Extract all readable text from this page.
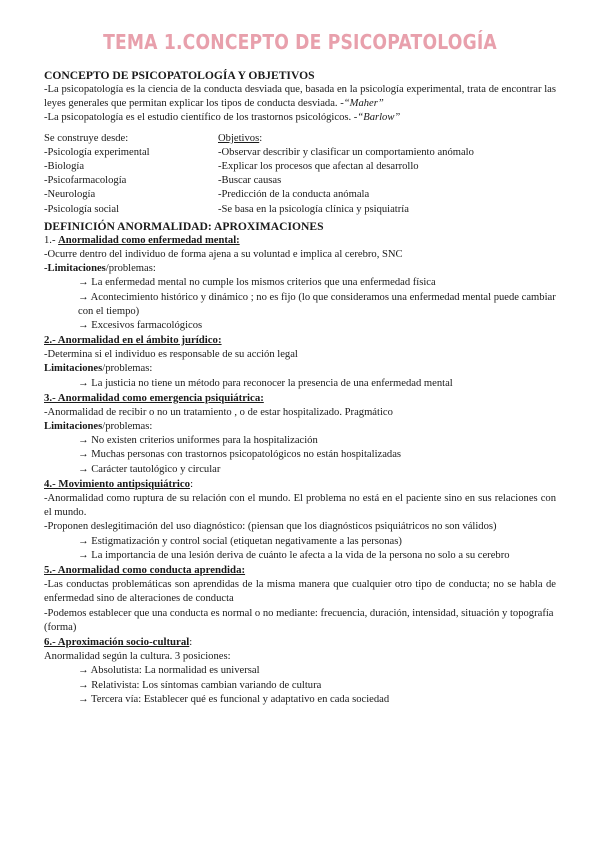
TEMA 1.CONCEPTO DE PSICOPATOLOGÍA
CONCEPTO DE PSICOPATOLOGÍA Y OBJETIVOS
-La psicopatología es la ciencia de la conducta desviada que, basada en la psicología experimental, trata de encontrar las leyes generales que permitan explicar los tipos de conducta desviada. -“Maher”
-La psicopatología es el estudio científico de los trastornos psicológicos. -“Barlow”
Se construye desde:
-Psicología experimental
-Biología
-Psicofarmacología
-Neurología
-Psicología social
Objetivos:
-Observar describir y clasificar un comportamiento anómalo
-Explicar los procesos que afectan al desarrollo
-Buscar causas
-Predicción de la conducta anómala
-Se basa en la psicología clínica y psiquiatría
DEFINICIÓN ANORMALIDAD: APROXIMACIONES
1.- Anormalidad como enfermedad mental:
-Ocurre dentro del individuo de forma ajena a su voluntad e implica al cerebro, SNC
-Limitaciones/problemas:
→ La enfermedad mental no cumple los mismos criterios que una enfermedad física
→ Acontecimiento histórico y dinámico ; no es fijo (lo que consideramos una enfermedad mental puede cambiar con el tiempo)
→ Excesivos farmacológicos
2.- Anormalidad en el ámbito jurídico:
-Determina si el individuo es responsable de su acción legal
Limitaciones/problemas:
→ La justicia no tiene un método para reconocer la presencia de una enfermedad mental
3.- Anormalidad como emergencia psiquiátrica:
-Anormalidad de recibir o no un tratamiento , o de estar hospitalizado. Pragmático
Limitaciones/problemas:
→ No existen criterios uniformes para la hospitalización
→ Muchas personas con trastornos psicopatológicos no están hospitalizadas
→ Carácter tautológico y circular
4.- Movimiento antipsiquiátrico:
-Anormalidad como ruptura de su relación con el mundo. El problema no está en el paciente sino en sus relaciones con el mundo.
-Proponen deslegitimación del uso diagnóstico: (piensan que los diagnósticos psiquiátricos no son válidos)
→ Estigmatización y control social (etiquetan negativamente a las personas)
→ La importancia de una lesión deriva de cuánto le afecta a la vida de la persona no solo a su cerebro
5.- Anormalidad como conducta aprendida:
-Las conductas problemáticas son aprendidas de la misma manera que cualquier otro tipo de conducta; no se habla de enfermedad sino de alteraciones de conducta
-Podemos establecer que una conducta es normal o no mediante: frecuencia, duración, intensidad, situación y topografía (forma)
6.- Aproximación socio-cultural:
Anormalidad según la cultura. 3 posiciones:
→ Absolutista: La normalidad es universal
→ Relativista: Los síntomas cambian variando de cultura
→ Tercera vía: Establecer qué es funcional y adaptativo en cada sociedad
